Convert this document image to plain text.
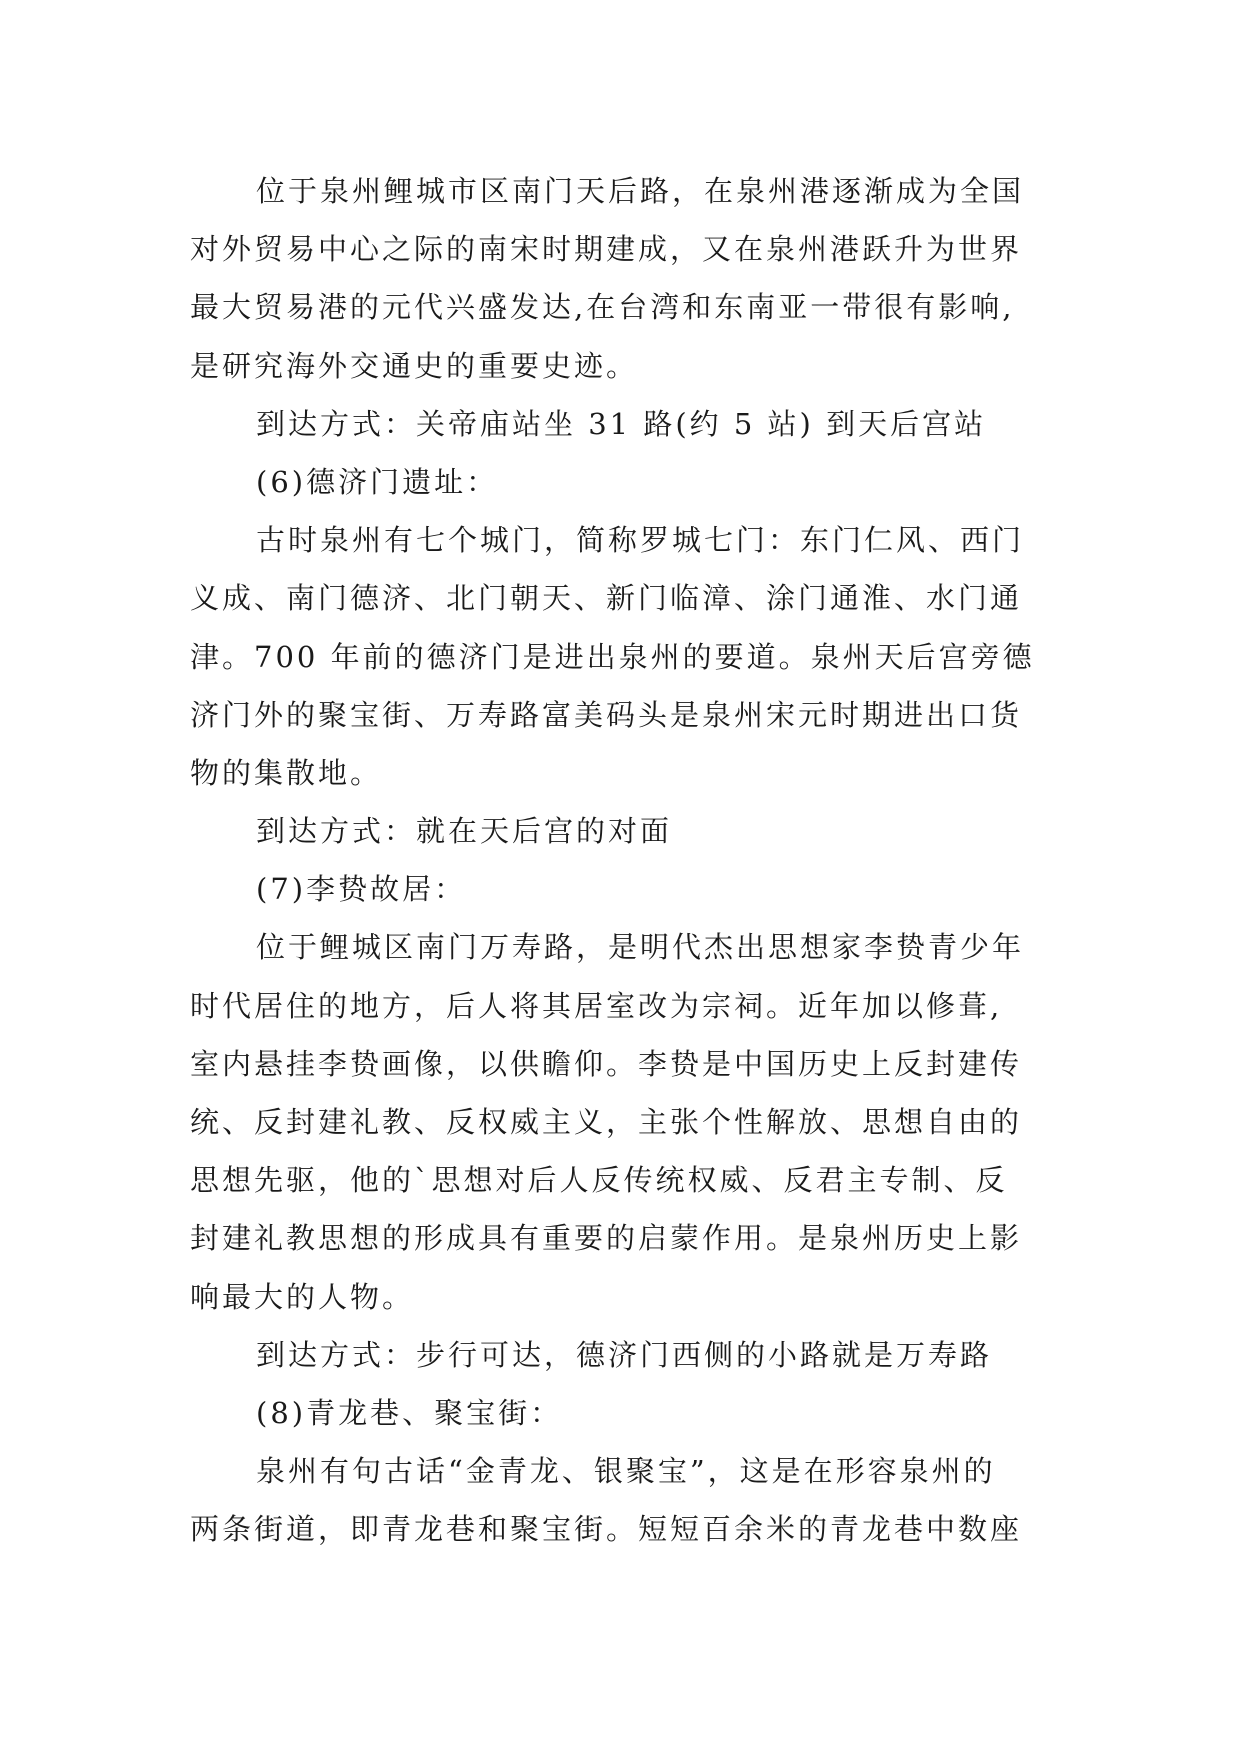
位于泉州鲤城市区南门天后路，在泉州港逐渐成为全国
对外贸易中心之际的南宋时期建成，又在泉州港跃升为世界
最大贸易港的元代兴盛发达,在台湾和东南亚一带很有影响,
是研究海外交通史的重要史迹。
到达方式：关帝庙站坐 31 路(约 5 站) 到天后宫站
(6)德济门遗址：
古时泉州有七个城门，简称罗城七门：东门仁风、西门
义成、南门德济、北门朝天、新门临漳、涂门通淮、水门通
津。700 年前的德济门是进出泉州的要道。泉州天后宫旁德
济门外的聚宝街、万寿路富美码头是泉州宋元时期进出口货
物的集散地。
到达方式：就在天后宫的对面
(7)李贽故居：
位于鲤城区南门万寿路，是明代杰出思想家李贽青少年
时代居住的地方，后人将其居室改为宗祠。近年加以修葺,
室内悬挂李贽画像，以供瞻仰。李贽是中国历史上反封建传
统、反封建礼教、反权威主义，主张个性解放、思想自由的
思想先驱，他的`思想对后人反传统权威、反君主专制、反
封建礼教思想的形成具有重要的启蒙作用。是泉州历史上影
响最大的人物。
到达方式：步行可达，德济门西侧的小路就是万寿路
(8)青龙巷、聚宝街：
泉州有句古话“金青龙、银聚宝”，这是在形容泉州的
两条街道，即青龙巷和聚宝街。短短百余米的青龙巷中数座
